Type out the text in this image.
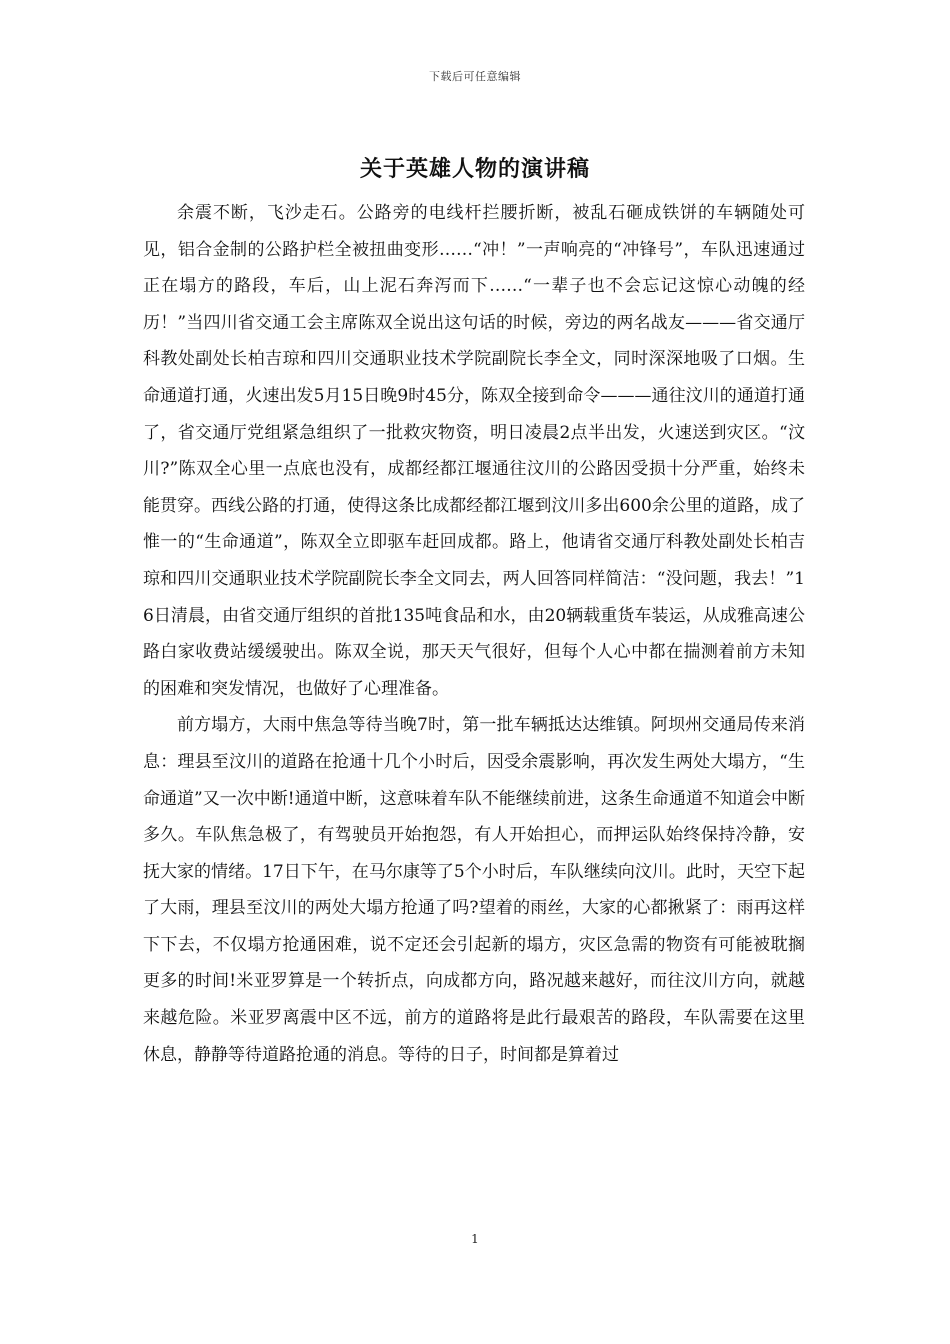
下载后可任意编辑
关于英雄人物的演讲稿

余震不断，飞沙走石。公路旁的电线杆拦腰折断，被乱石砸成铁饼的车辆随处可见，铝合金制的公路护栏全被扭曲变形……“冲！”一声响亮的“冲锋号”，车队迅速通过正在塌方的路段，车后，山上泥石奔泻而下……“一辈子也不会忘记这惊心动魄的经历！”当四川省交通工会主席陈双全说出这句话的时候，旁边的两名战友———省交通厅科教处副处长柏吉琼和四川交通职业技术学院副院长李全文，同时深深地吸了口烟。生命通道打通，火速出发5月15日晚9时45分，陈双全接到命令———通往汶川的通道打通了，省交通厅党组紧急组织了一批救灾物资，明日凌晨2点半出发，火速送到灾区。“汶川?”陈双全心里一点底也没有，成都经都江堰通往汶川的公路因受损十分严重，始终未能贯穿。西线公路的打通，使得这条比成都经都江堰到汶川多出600余公里的道路，成了惟一的“生命通道”，陈双全立即驱车赶回成都。路上，他请省交通厅科教处副处长柏吉琼和四川交通职业技术学院副院长李全文同去，两人回答同样简洁：“没问题，我去！”16日清晨，由省交通厅组织的首批135吨食品和水，由20辆载重货车装运，从成雅高速公路白家收费站缓缓驶出。陈双全说，那天天气很好，但每个人心中都在揣测着前方未知的困难和突发情况，也做好了心理准备。

前方塌方，大雨中焦急等待当晚7时，第一批车辆抵达达维镇。阿坝州交通局传来消息：理县至汶川的道路在抢通十几个小时后，因受余震影响，再次发生两处大塌方，“生命通道”又一次中断!通道中断，这意味着车队不能继续前进，这条生命通道不知道会中断多久。车队焦急极了，有驾驶员开始抱怨，有人开始担心，而押运队始终保持冷静，安抚大家的情绪。17日下午，在马尔康等了5个小时后，车队继续向汶川。此时，天空下起了大雨，理县至汶川的两处大塌方抢通了吗?望着的雨丝，大家的心都揪紧了：雨再这样下下去，不仅塌方抢通困难，说不定还会引起新的塌方，灾区急需的物资有可能被耽搁更多的时间!米亚罗算是一个转折点，向成都方向，路况越来越好，而往汶川方向，就越来越危险。米亚罗离震中区不远，前方的道路将是此行最艰苦的路段，车队需要在这里休息，静静等待道路抢通的消息。等待的日子，时间都是算着过

1
